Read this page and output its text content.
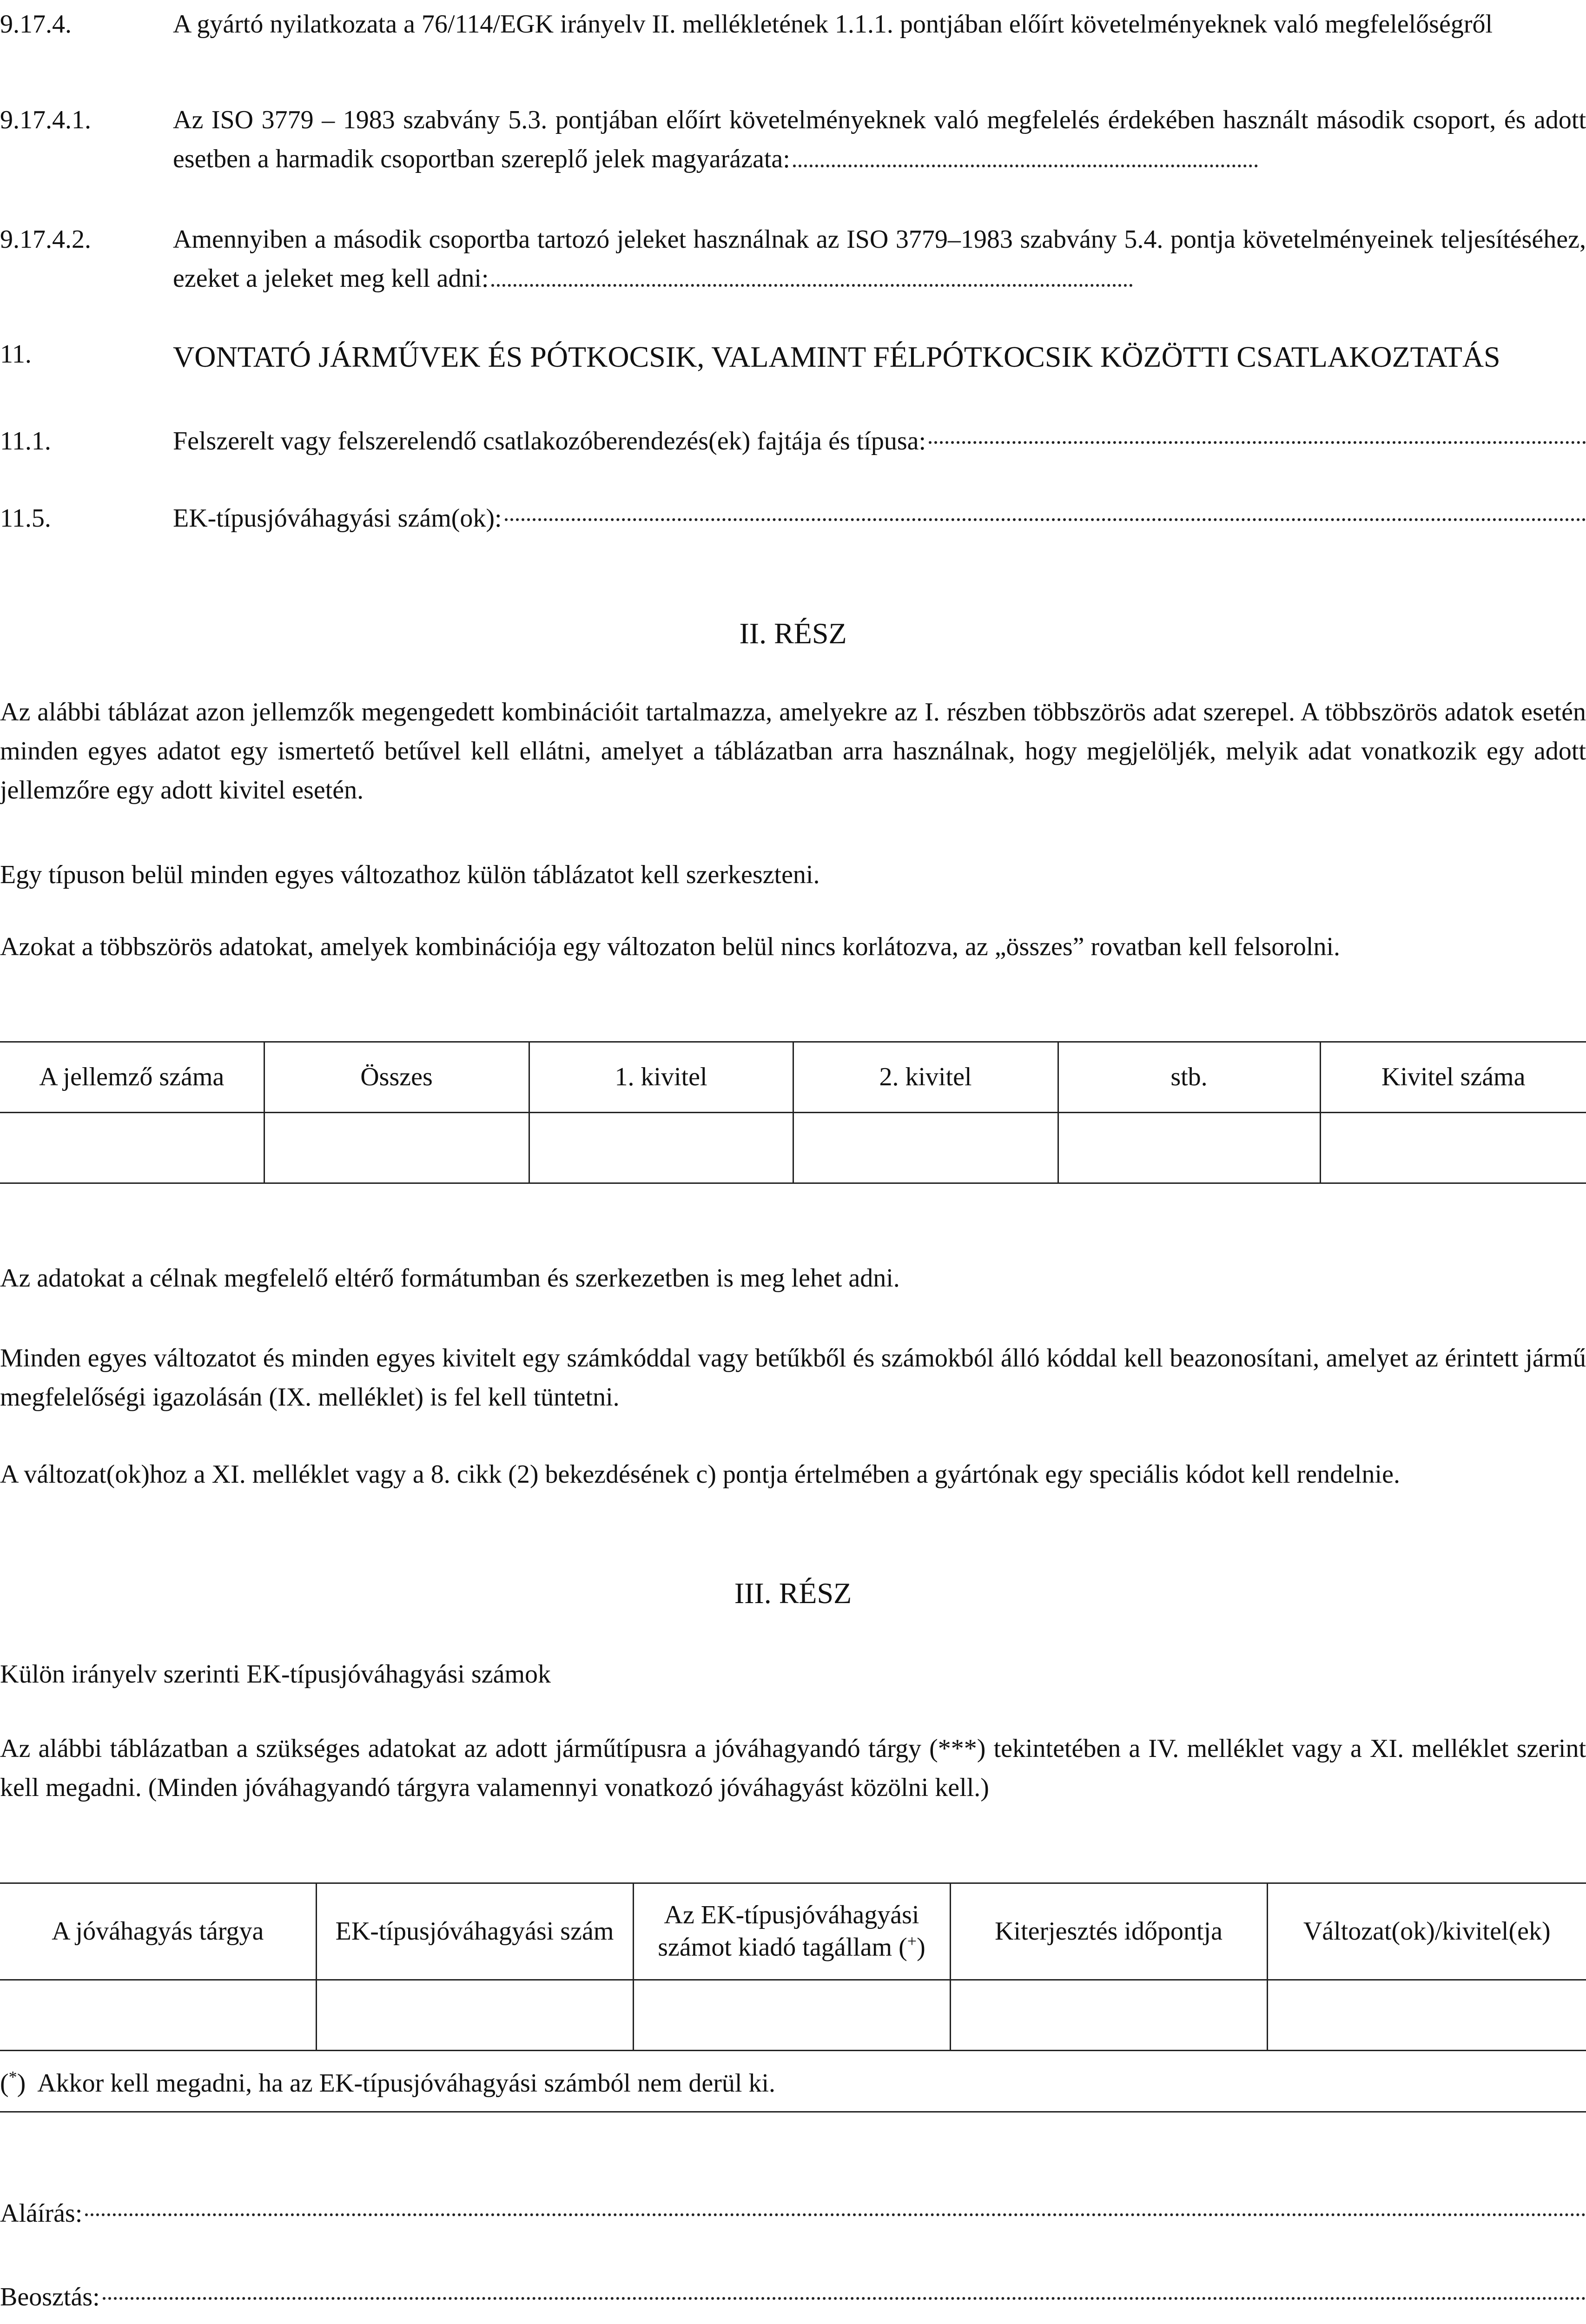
9.17.4.	A gyártó nyilatkozata a 76/114/EGK irányelv II. mellékletének 1.1.1. pontjában előírt követelményeknek való megfelelőségről
9.17.4.1.	Az ISO 3779 – 1983 szabvány 5.3. pontjában előírt követelményeknek való megfelelés érdekében használt második csoport, és adott esetben a harmadik csoportban szereplő jelek magyarázata:
9.17.4.2.	Amennyiben a második csoportba tartozó jeleket használnak az ISO 3779–1983 szabvány 5.4. pontja követelményeinek teljesítéséhez, ezeket a jeleket meg kell adni:
11.	VONTATÓ JÁRMŰVEK ÉS PÓTKOCSIK, VALAMINT FÉLPÓTKOCSIK KÖZÖTTI CSATLAKOZTATÁS
11.1.	Felszerelt vagy felszerelendő csatlakozóberendezés(ek) fajtája és típusa:
11.5.	EK-típusjóváhagyási szám(ok):
II. RÉSZ
Az alábbi táblázat azon jellemzők megengedett kombinációit tartalmazza, amelyekre az I. részben többszörös adat szerepel. A többszörös adatok esetén minden egyes adatot egy ismertető betűvel kell ellátni, amelyet a táblázatban arra használnak, hogy megjelöljék, melyik adat vonatkozik egy adott jellemzőre egy adott kivitel esetén.
Egy típuson belül minden egyes változathoz külön táblázatot kell szerkeszteni.
Azokat a többszörös adatokat, amelyek kombinációja egy változaton belül nincs korlátozva, az „összes” rovatban kell felsorolni.
A jellemző száma	Összes	1. kivitel	2. kivitel	stb.	Kivitel száma

Az adatokat a célnak megfelelő eltérő formátumban és szerkezetben is meg lehet adni.
Minden egyes változatot és minden egyes kivitelt egy számkóddal vagy betűkből és számokból álló kóddal kell beazonosítani, amelyet az érintett jármű megfelelőségi igazolásán (IX. melléklet) is fel kell tüntetni.
A változat(ok)hoz a XI. melléklet vagy a 8. cikk (2) bekezdésének c) pontja értelmében a gyártónak egy speciális kódot kell rendelnie.
III. RÉSZ
Külön irányelv szerinti EK-típusjóváhagyási számok
Az alábbi táblázatban a szükséges adatokat az adott járműtípusra a jóváhagyandó tárgy (***) tekintetében a IV. melléklet vagy a XI. melléklet szerint kell megadni. (Minden jóváhagyandó tárgyra valamennyi vonatkozó jóváhagyást közölni kell.)
A jóváhagyás tárgya	EK-típusjóváhagyási szám	Az EK-típusjóváhagyási számot kiadó tagállam (+)	Kiterjesztés időpontja	Változat(ok)/kivitel(ek)

(*)  Akkor kell megadni, ha az EK-típusjóváhagyási számból nem derül ki.
Aláírás:
Beosztás:
